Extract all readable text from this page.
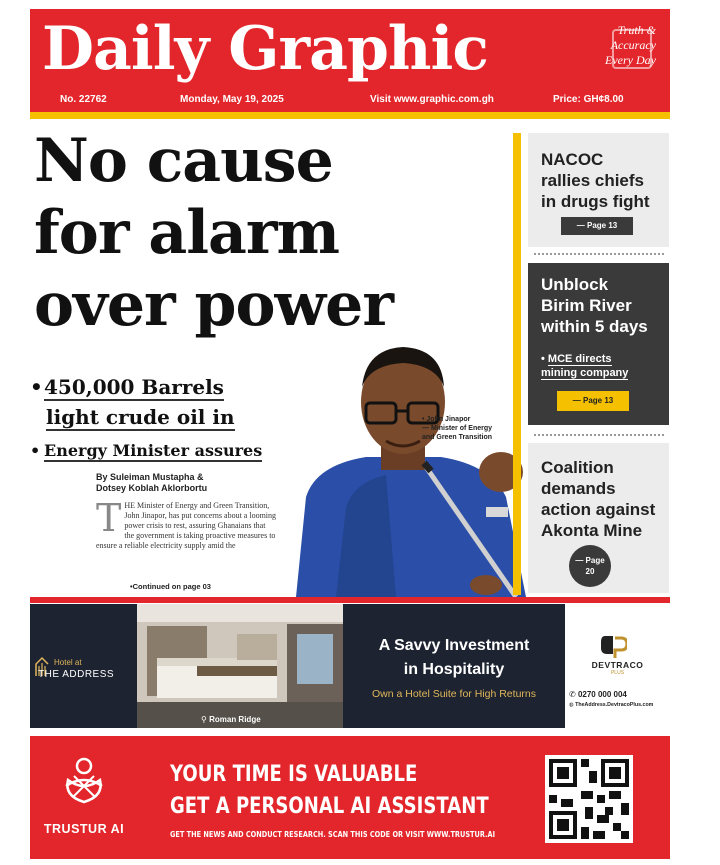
Daily Graphic	Truth & Accuracy Every Day
No. 22762	Monday, May 19, 2025	Visit www.graphic.com.gh	Price: GH¢8.00
No cause
for alarm
over power
•450,000 Barrels
light crude oil in
• Energy Minister assures
By Suleiman Mustapha &
Dotsey Koblah Aklorbortu
T HE Minister of Energy and Green Transition, John Jinapor, has put concerns about a looming power crisis to rest, assuring Ghanaians that the government is taking proactive measures to ensure a reliable electricity supply amid the
•Continued on page 03
• John Jinapor
— Minister of Energy
and Green Transition
NACOC
rallies chiefs
in drugs fight
— Page 13
Unblock
Birim River
within 5 days
• MCE directs
mining company
— Page 13
Coalition
demands
action against
Akonta Mine
— Page
20
Hotel at
THE ADDRESS
⚲ Roman Ridge
A Savvy Investment
in Hospitality
Own a Hotel Suite for High Returns
DEVTRACO
PLUS
✆ 0270 000 004
◍ TheAddress.DevtracoPlus.com
TRUSTUR AI
YOUR TIME IS VALUABLE
GET A PERSONAL AI ASSISTANT
GET THE NEWS AND CONDUCT RESEARCH. SCAN THIS CODE OR VISIT WWW.TRUSTUR.AI
